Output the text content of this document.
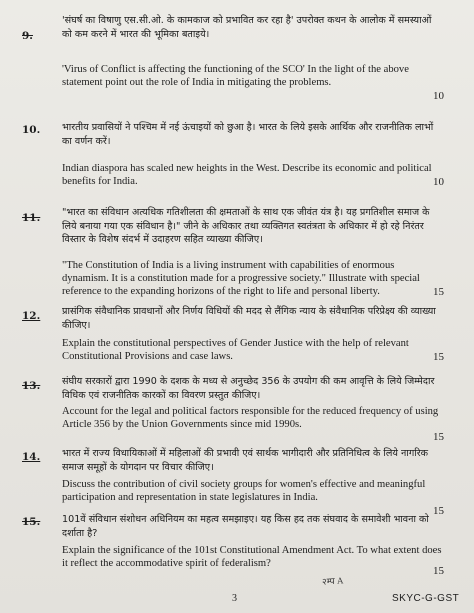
9.
'संघर्ष का विषाणु एस.सी.ओ. के कामकाज को प्रभावित कर रहा है' उपरोक्त कथन के आलोक में समस्याओं को कम करने में भारत की भूमिका बताइये।
'Virus of Conflict is affecting the functioning of the SCO' In the light of the above statement point out the role of India in mitigating the problems.
10
10. भारतीय प्रवासियों ने पश्चिम में नई ऊंचाइयों को छुआ है। भारत के लिये इसके आर्थिक और राजनीतिक लाभों का वर्णन करें।
Indian diaspora has scaled new heights in the West. Describe its economic and political benefits for India.	10
11. "भारत का संविधान अत्यधिक गतिशीलता की क्षमताओं के साथ एक जीवंत यंत्र है। यह प्रगतिशील समाज के लिये बनाया गया एक संविधान है।" जीने के अधिकार तथा व्यक्तिगत स्वतंत्रता के अधिकार में हो रहे निरंतर विस्तार के विशेष संदर्भ में उदाहरण सहित व्याख्या कीजिए।
"The Constitution of India is a living instrument with capabilities of enormous dynamism. It is a constitution made for a progressive society." Illustrate with special reference to the expanding horizons of the right to life and personal liberty.	15
12. प्रासंगिक संवैधानिक प्रावधानों और निर्णय विधियों की मदद से लैंगिक न्याय के संवैधानिक परिप्रेक्ष्य की व्याख्या कीजिए।
Explain the constitutional perspectives of Gender Justice with the help of relevant Constitutional Provisions and case laws.	15
13. संघीय सरकारों द्वारा 1990 के दशक के मध्य से अनुच्छेद 356 के उपयोग की कम आवृत्ति के लिये जिम्मेदार विधिक एवं राजनीतिक कारकों का विवरण प्रस्तुत कीजिए।
Account for the legal and political factors responsible for the reduced frequency of using Article 356 by the Union Governments since mid 1990s.
15
14. भारत में राज्य विधायिकाओं में महिलाओं की प्रभावी एवं सार्थक भागीदारी और प्रतिनिधित्व के लिये नागरिक समाज समूहों के योगदान पर विचार कीजिए।
Discuss the contribution of civil society groups for women's effective and meaningful participation and representation in state legislatures in India.
15
15. 101वें संविधान संशोधन अधिनियम का महत्व समझाइए। यह किस हद तक संघवाद के समावेशी भावना को दर्शाता है?
Explain the significance of the 101st Constitutional Amendment Act. To what extent does it reflect the accommodative spirit of federalism?
15
२म्प A
3	SKYC-G-GST
